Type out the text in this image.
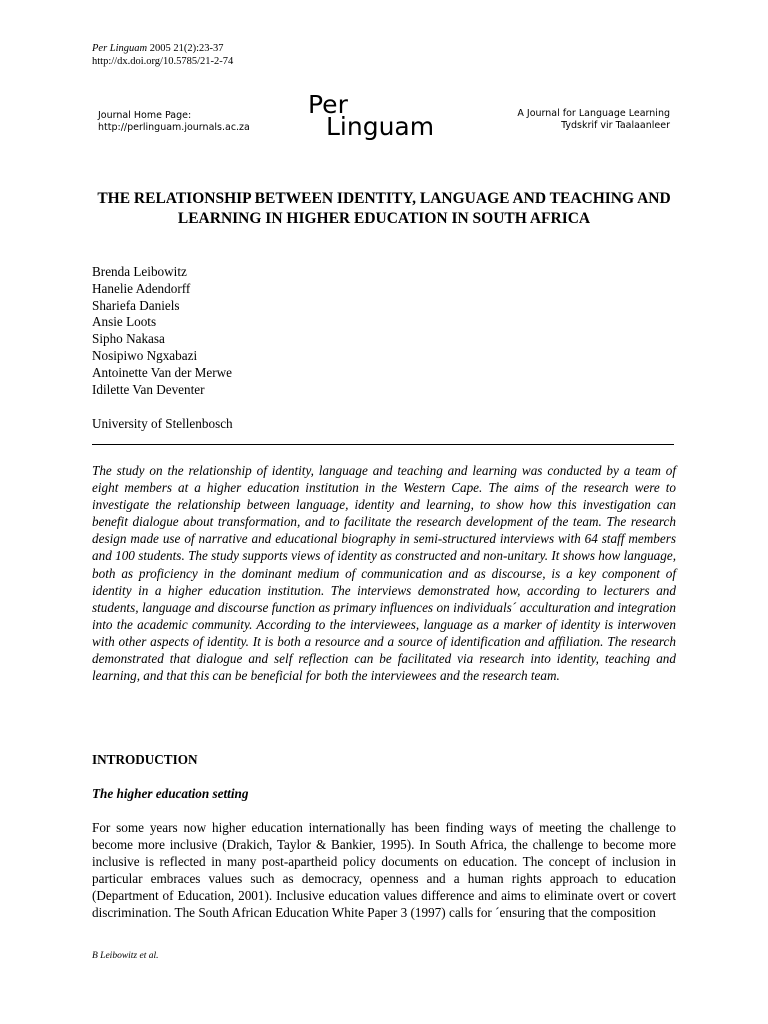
Per Linguam 2005 21(2):23-37
http://dx.doi.org/10.5785/21-2-74
Journal Home Page:
http://perlinguam.journals.ac.za
Per
Linguam	A Journal for Language Learning
Tydskrif vir Taalaanleer
THE RELATIONSHIP BETWEEN IDENTITY, LANGUAGE AND TEACHING AND LEARNING IN HIGHER EDUCATION IN SOUTH AFRICA
Brenda Leibowitz
Hanelie Adendorff
Shariefa Daniels
Ansie Loots
Sipho Nakasa
Nosipiwo Ngxabazi
Antoinette Van der Merwe
Idilette Van Deventer
University of Stellenbosch

The study on the relationship of identity, language and teaching and learning was conducted by a team of eight members at a higher education institution in the Western Cape. The aims of the research were to investigate the relationship between language, identity and learning, to show how this investigation can benefit dialogue about transformation, and to facilitate the research development of the team. The research design made use of narrative and educational biography in semi-structured interviews with 64 staff members and 100 students. The study supports views of identity as constructed and non-unitary. It shows how language, both as proficiency in the dominant medium of communication and as discourse, is a key component of identity in a higher education institution. The interviews demonstrated how, according to lecturers and students, language and discourse function as primary influences on individuals´ acculturation and integration into the academic community. According to the interviewees, language as a marker of identity is interwoven with other aspects of identity. It is both a resource and a source of identification and affiliation. The research demonstrated that dialogue and self reflection can be facilitated via research into identity, teaching and learning, and that this can be beneficial for both the interviewees and the research team.

INTRODUCTION
The higher education setting

For some years now higher education internationally has been finding ways of meeting the challenge to become more inclusive (Drakich, Taylor & Bankier, 1995). In South Africa, the challenge to become more inclusive is reflected in many post-apartheid policy documents on education. The concept of inclusion in particular embraces values such as democracy, openness and a human rights approach to education (Department of Education, 2001). Inclusive education values difference and aims to eliminate overt or covert discrimination. The South African Education White Paper 3 (1997) calls for ´ensuring that the composition

B Leibowitz et al.
